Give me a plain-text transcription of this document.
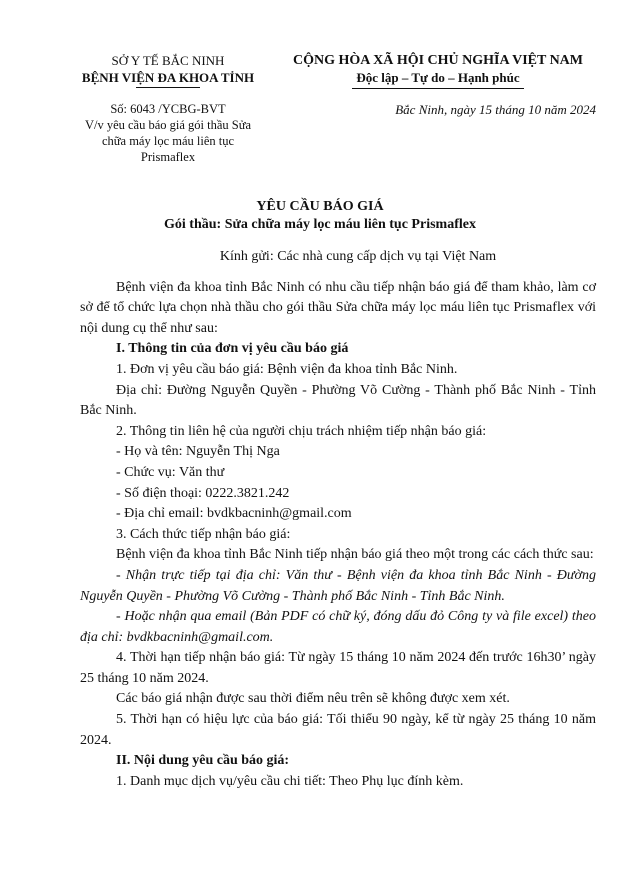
SỞ Y TẾ BẮC NINH
BỆNH VIỆN ĐA KHOA TỈNH
CỘNG HÒA XÃ HỘI CHỦ NGHĨA VIỆT NAM
Độc lập – Tự do – Hạnh phúc
Số: 6043 /YCBG-BVT
V/v yêu cầu báo giá gói thầu Sửa
chữa máy lọc máu liên tục
Prismaflex
Bắc Ninh, ngày 15 tháng 10 năm 2024
YÊU CẦU BÁO GIÁ
Gói thầu: Sửa chữa máy lọc máu liên tục Prismaflex

Kính gửi: Các nhà cung cấp dịch vụ tại Việt Nam

Bệnh viện đa khoa tỉnh Bắc Ninh có nhu cầu tiếp nhận báo giá để tham khảo, làm cơ sở để tổ chức lựa chọn nhà thầu cho gói thầu Sửa chữa máy lọc máu liên tục Prismaflex với nội dung cụ thể như sau:

I. Thông tin của đơn vị yêu cầu báo giá

1. Đơn vị yêu cầu báo giá: Bệnh viện đa khoa tỉnh Bắc Ninh.

Địa chỉ: Đường Nguyễn Quyền - Phường Võ Cường - Thành phố Bắc Ninh - Tỉnh Bắc Ninh.

2. Thông tin liên hệ của người chịu trách nhiệm tiếp nhận báo giá:

- Họ và tên: Nguyễn Thị Nga

- Chức vụ: Văn thư

- Số điện thoại: 0222.3821.242

- Địa chỉ email: bvdkbacninh@gmail.com

3. Cách thức tiếp nhận báo giá:

Bệnh viện đa khoa tỉnh Bắc Ninh tiếp nhận báo giá theo một trong các cách thức sau:

- Nhận trực tiếp tại địa chỉ: Văn thư - Bệnh viện đa khoa tỉnh Bắc Ninh - Đường Nguyễn Quyền - Phường Võ Cường - Thành phố Bắc Ninh - Tỉnh Bắc Ninh.

- Hoặc nhận qua email (Bản PDF có chữ ký, đóng dấu đỏ Công ty và file excel) theo địa chỉ: bvdkbacninh@gmail.com.

4. Thời hạn tiếp nhận báo giá: Từ ngày 15 tháng 10 năm 2024 đến trước 16h30’ ngày 25 tháng 10 năm 2024.

Các báo giá nhận được sau thời điểm nêu trên sẽ không được xem xét.

5. Thời hạn có hiệu lực của báo giá: Tối thiểu 90 ngày, kể từ ngày 25 tháng 10 năm 2024.

II. Nội dung yêu cầu báo giá:

1. Danh mục dịch vụ/yêu cầu chi tiết: Theo Phụ lục đính kèm.
